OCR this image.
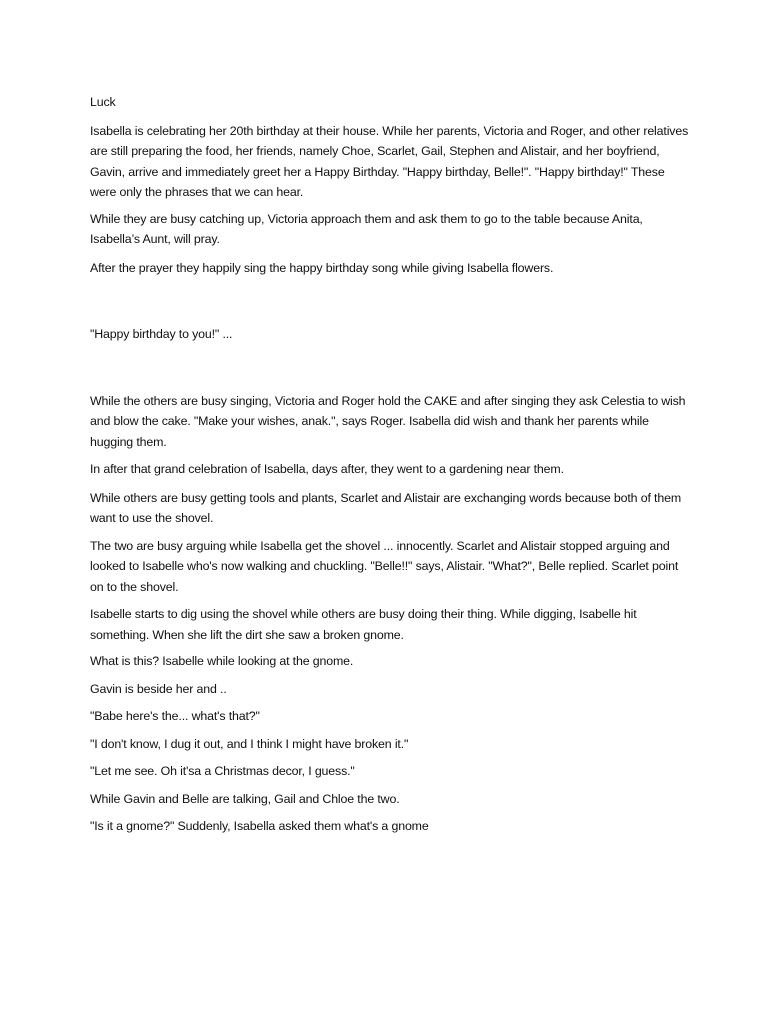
Luck

Isabella is celebrating her 20th birthday at their house. While her parents, Victoria and Roger, and other relatives are still preparing the food, her friends, namely Choe, Scarlet, Gail, Stephen and Alistair, and her boyfriend, Gavin, arrive and immediately greet her a Happy Birthday. "Happy birthday, Belle!". "Happy birthday!" These were only the phrases that we can hear.

While they are busy catching up, Victoria approach them and ask them to go to the table because Anita, Isabella’s Aunt, will pray.

After the prayer they happily sing the happy birthday song while giving Isabella flowers.

"Happy birthday to you!" ...

While the others are busy singing, Victoria and Roger hold the CAKE and after singing they ask Celestia to wish and blow the cake. "Make your wishes, anak.", says Roger. Isabella did wish and thank her parents while hugging them.

In after that grand celebration of Isabella, days after, they went to a gardening near them.

While others are busy getting tools and plants, Scarlet and Alistair are exchanging words because both of them want to use the shovel.

The two are busy arguing while Isabella get the shovel ... innocently. Scarlet and Alistair stopped arguing and looked to Isabelle who's now walking and chuckling. "Belle!!" says, Alistair. "What?", Belle replied. Scarlet point on to the shovel.

Isabelle starts to dig using the shovel while others are busy doing their thing. While digging, Isabelle hit something. When she lift the dirt she saw a broken gnome.

What is this? Isabelle while looking at the gnome.

Gavin is beside her and ..

"Babe here's the... what's that?"

"I don't know, I dug it out, and I think I might have broken it."

"Let me see. Oh it'sa a Christmas decor, I guess."

While Gavin and Belle are talking, Gail and Chloe the two.

"Is it a gnome?" Suddenly, Isabella asked them what's a gnome
